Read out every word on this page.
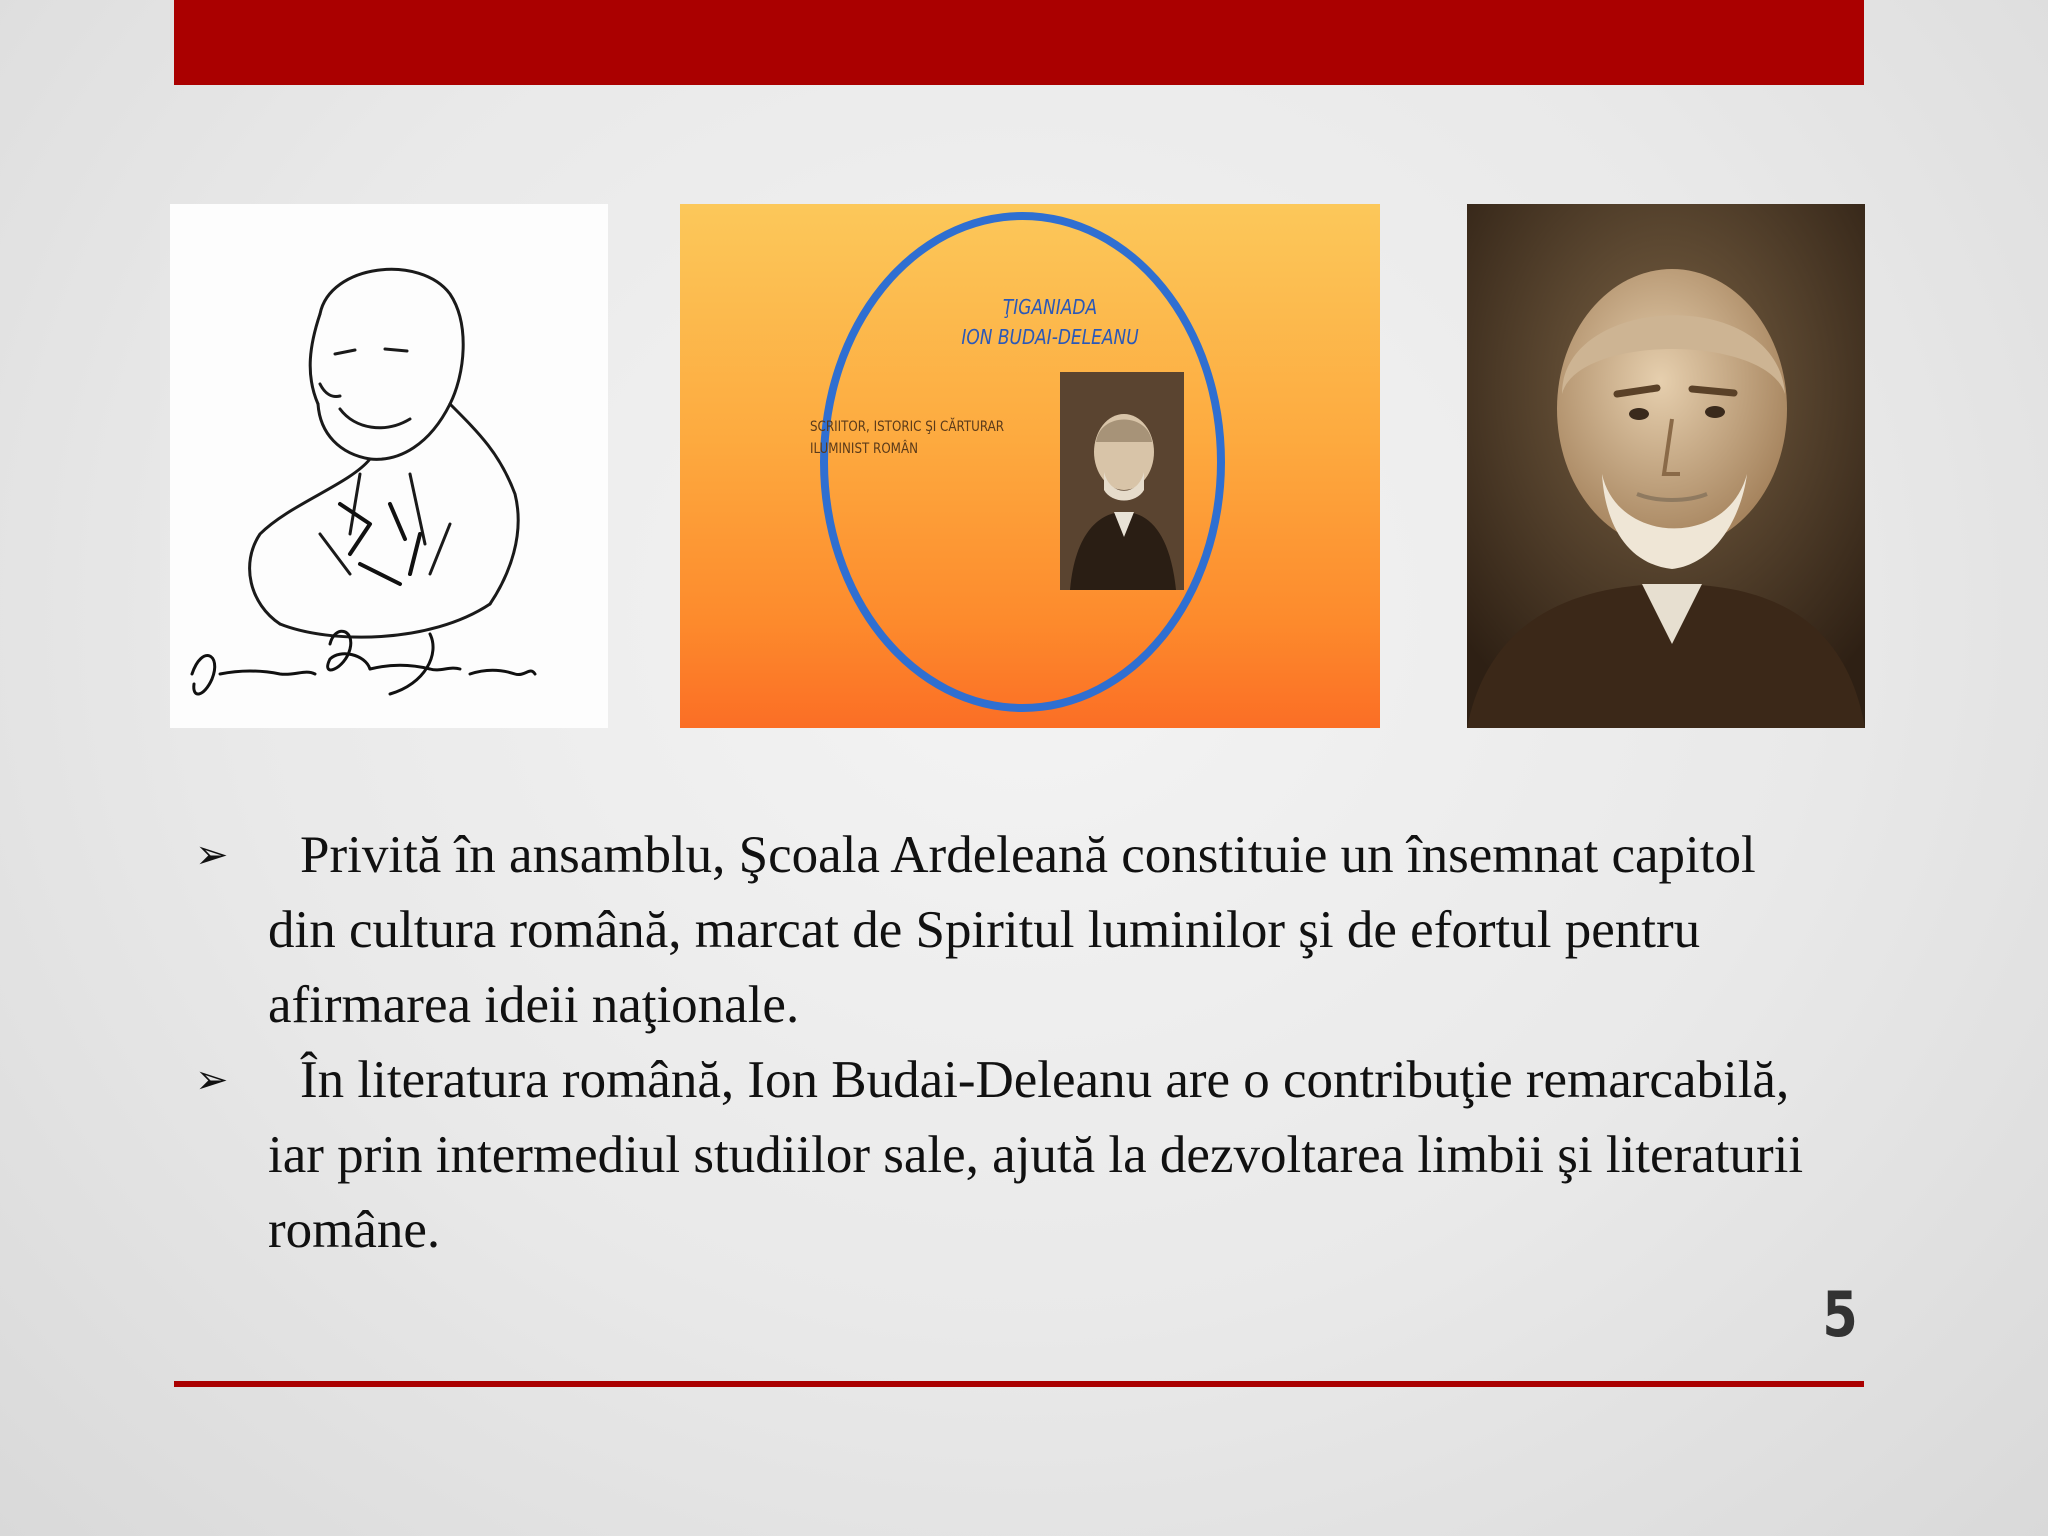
ŢIGANIADA
ION BUDAI-DELEANU
SCRIITOR, ISTORIC ŞI CĂRTURAR
ILUMINIST ROMÂN
➢	Privită în ansamblu, Şcoala Ardeleană constituie un însemnat capitol din cultura română, marcat de Spiritul luminilor şi de efortul pentru afirmarea ideii naţionale.
➢	În literatura română, Ion Budai-Deleanu are o contribuţie remarcabilă, iar prin intermediul studiilor sale, ajută la dezvoltarea limbii şi literaturii române.
5
